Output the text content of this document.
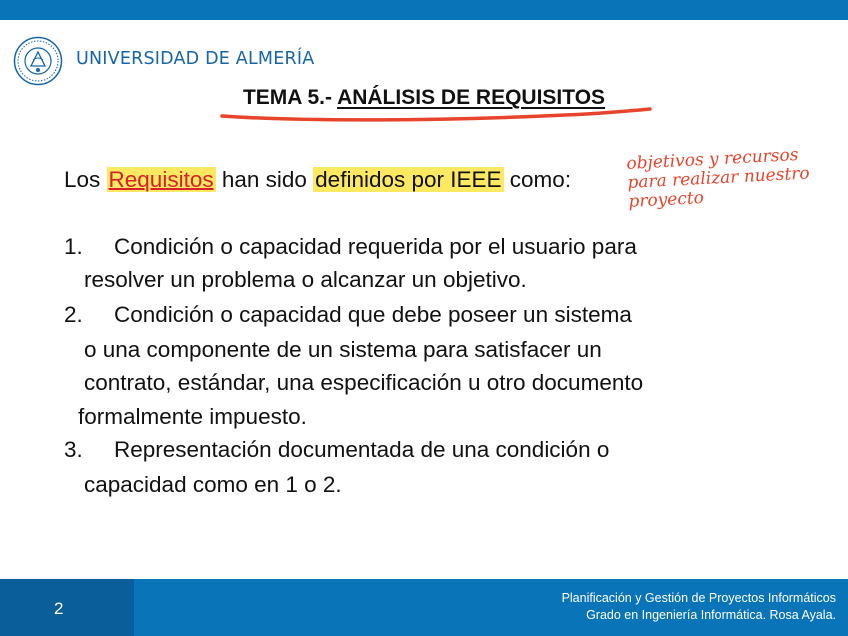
UNIVERSIDAD DE ALMERÍA
TEMA 5.- ANÁLISIS DE REQUISITOS
Los Requisitos han sido definidos por IEEE como:
objetivos y recursos para realizar nuestro proyecto
1. Condición o capacidad requerida por el usuario para
resolver un problema o alcanzar un objetivo.
2. Condición o capacidad que debe poseer un sistema
o una componente de un sistema para satisfacer un
contrato, estándar, una especificación u otro documento
formalmente impuesto.
3. Representación documentada de una condición o
capacidad como en 1 o 2.
2
Planificación y Gestión de Proyectos Informáticos
Grado en Ingeniería Informática. Rosa Ayala.
